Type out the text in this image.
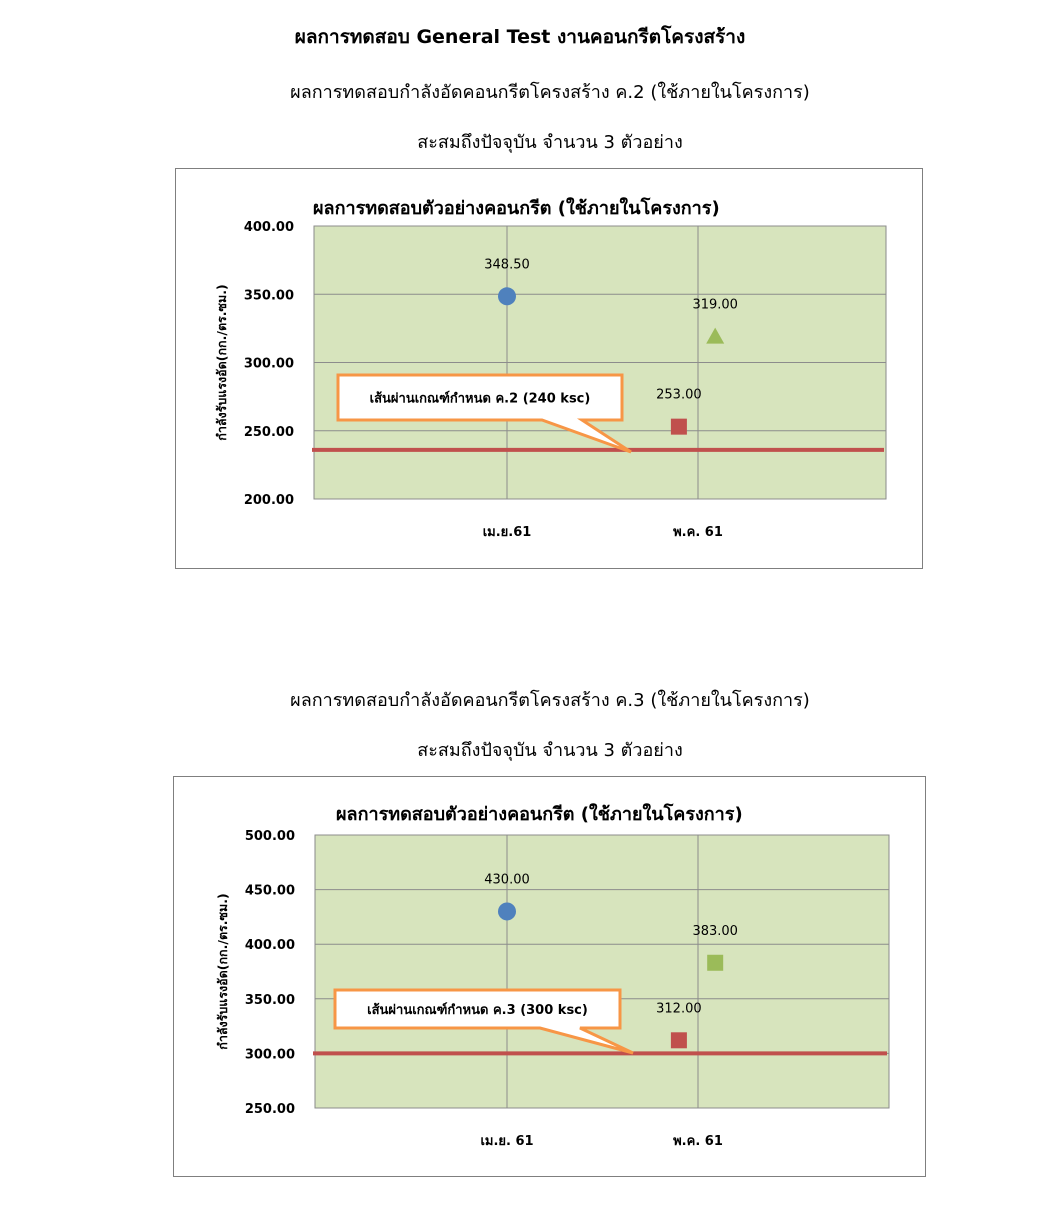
ผลการทดสอบ General Test งานคอนกรีตโครงสร้าง
ผลการทดสอบกำลังอัดคอนกรีตโครงสร้าง ค.2 (ใช้ภายในโครงการ)
สะสมถึงปัจจุบัน จำนวน 3 ตัวอย่าง
ผลการทดสอบตัวอย่างคอนกรีต (ใช้ภายในโครงการ)
200.00
250.00
300.00
350.00
400.00
เม.ย.61	พ.ค. 61
กำลังรับแรงอัด(กก./ตร.ซม.)	เส้นผ่านเกณฑ์กำหนด ค.2 (240 ksc)
348.50
253.00
319.00
ผลการทดสอบกำลังอัดคอนกรีตโครงสร้าง ค.3 (ใช้ภายในโครงการ)
สะสมถึงปัจจุบัน จำนวน 3 ตัวอย่าง
ผลการทดสอบตัวอย่างคอนกรีต (ใช้ภายในโครงการ)
250.00
300.00
350.00
400.00
450.00
500.00
เม.ย. 61	พ.ค. 61
กำลังรับแรงอัด(กก./ตร.ซม.)	เส้นผ่านเกณฑ์กำหนด ค.3 (300 ksc)
430.00
312.00
383.00
